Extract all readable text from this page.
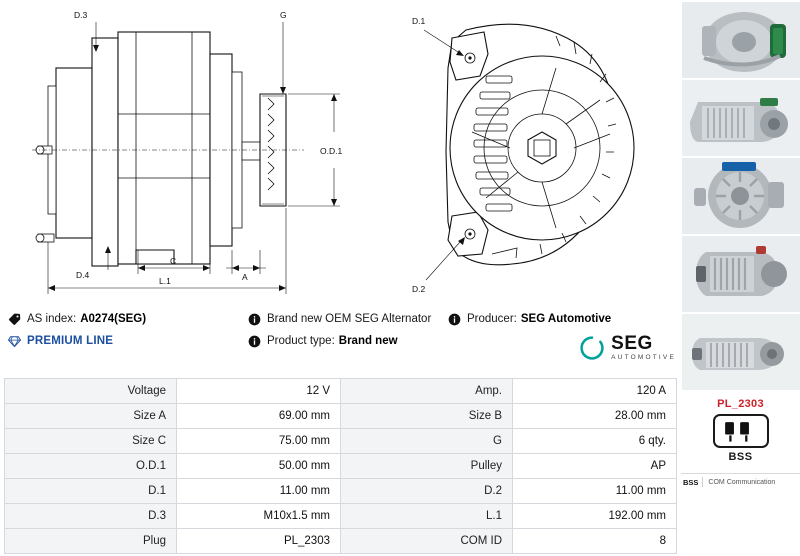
G
D.3
D.4
O.D.1
A
C
L.1
D.1
D.2
AS index: A0274(SEG)
PREMIUM LINE
Brand new OEM SEG Alternator
Product type: Brand new
Producer: SEG Automotive
SEG
AUTOMOTIVE
Voltage	12 V	Amp.	120 A
Size A	69.00 mm	Size B	28.00 mm
Size C	75.00 mm	G	6 qty.
O.D.1	50.00 mm	Pulley	AP
D.1	11.00 mm	D.2	11.00 mm
D.3	M10x1.5 mm	L.1	192.00 mm
Plug	PL_2303	COM ID	8
PL_2303
BSS
BSS COM Communication
